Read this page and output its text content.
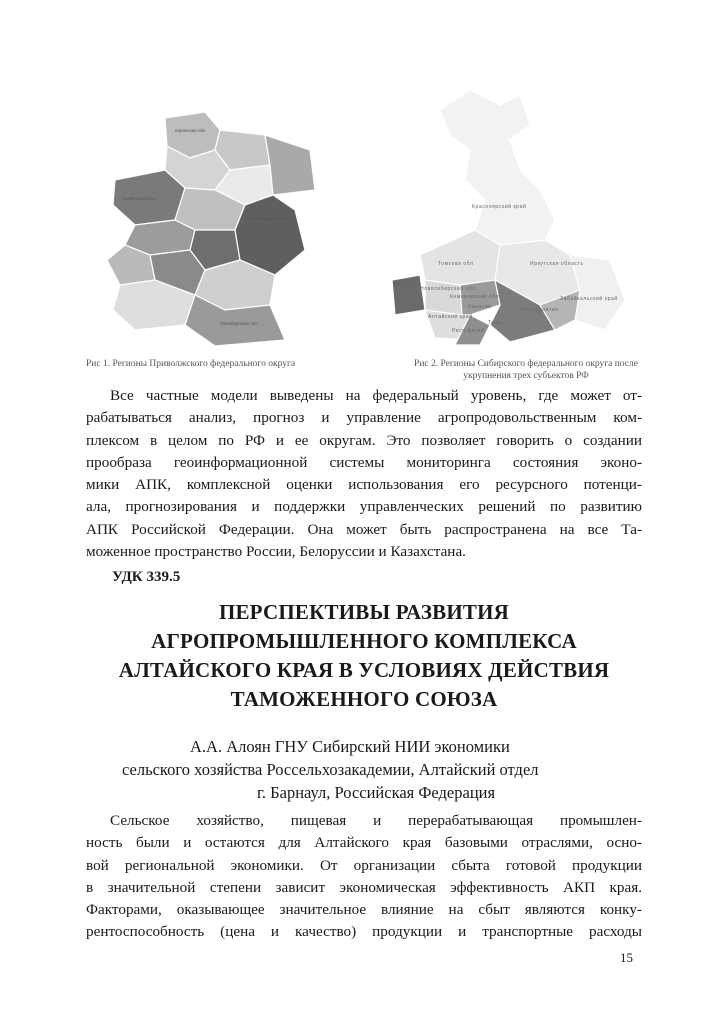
Кировская обл
Нижегородская
Респ Башкортостан
Оренбургская обл
Рис 1. Регионы Приволжского федерального округа
Красноярский край
Томская обл	Иркутская область
Омская
Новосибирская обл
Кемеровская обл	Забайкальский край
Респ Бурятия
Алтайский край
Хакасия
Тыва
Респ Алтай
Рис 2. Регионы Сибирского федерального округа после укрупнения трех субъектов РФ
Все частные модели выведены на федеральный уровень, где может от-
рабатываться анализ, прогноз и управление агропродовольственным ком-
плексом в целом по РФ и ее округам. Это позволяет говорить о создании
прообраза геоинформационной системы мониторинга состояния эконо-
мики АПК, комплексной оценки использования его ресурсного потенци-
ала, прогнозирования и поддержки управленческих решений по развитию
АПК Российской Федерации. Она может быть распространена на все Та-
моженное пространство России, Белоруссии и Казахстана.
УДК 339.5
ПЕРСПЕКТИВЫ РАЗВИТИЯ
АГРОПРОМЫШЛЕННОГО КОМПЛЕКСА
АЛТАЙСКОГО КРАЯ В УСЛОВИЯХ ДЕЙСТВИЯ
ТАМОЖЕННОГО СОЮЗА
А.А. Алоян ГНУ Сибирский НИИ экономики
сельского хозяйства Россельхозакадемии, Алтайский отдел
г. Барнаул, Российская Федерация
Сельское хозяйство, пищевая и перерабатывающая промышлен-
ность были и остаются для Алтайского края базовыми отраслями, осно-
вой региональной экономики. От организации сбыта готовой продукции
в значительной степени зависит экономическая эффективность АКП края.
Факторами, оказывающее значительное влияние на сбыт являются конку-
рентоспособность (цена и качество) продукции и транспортные расходы
15
